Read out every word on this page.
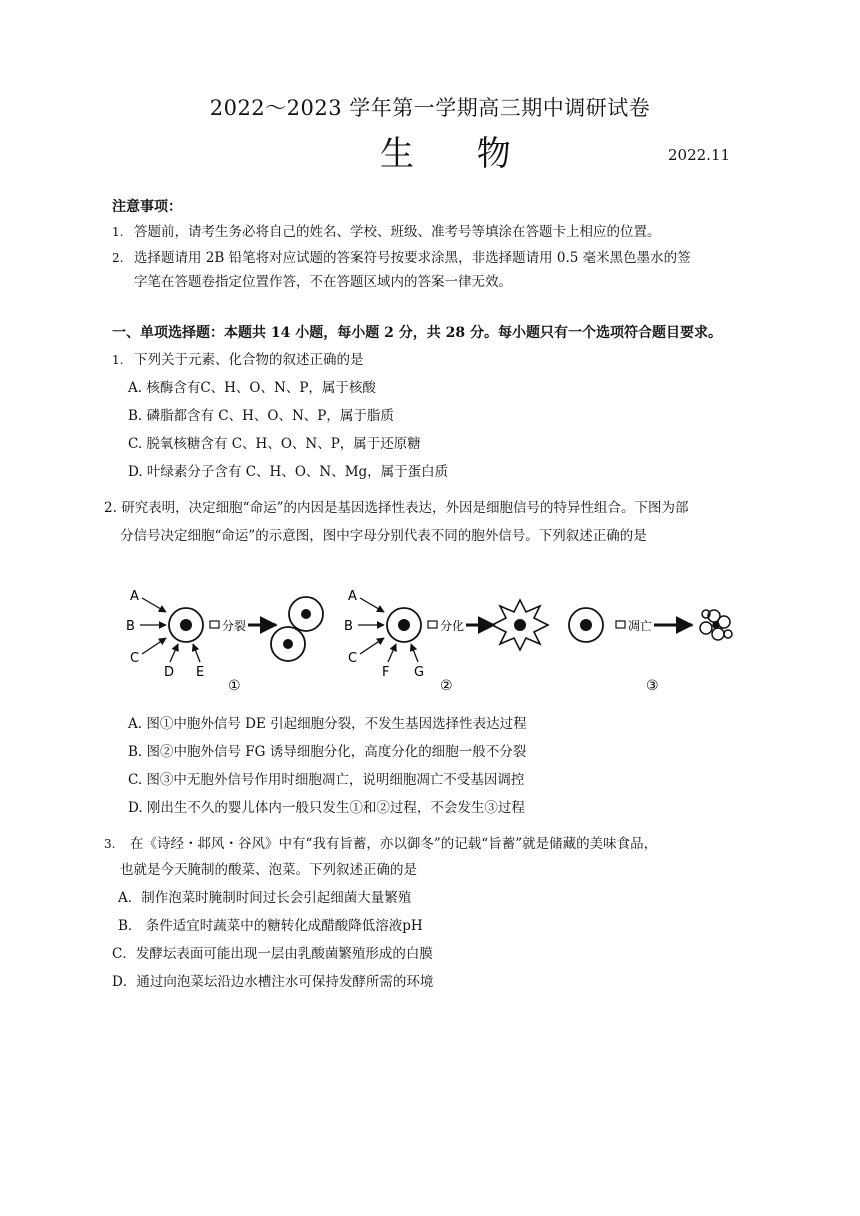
2022～2023 学年第一学期高三期中调研试卷
生 物	2022.11
注意事项：
1. 答题前，请考生务必将自己的姓名、学校、班级、准考号等填涂在答题卡上相应的位置。
2. 选择题请用 2B 铅笔将对应试题的答案符号按要求涂黑，非选择题请用 0.5 毫米黑色墨水的签
字笔在答题卷指定位置作答，不在答题区域内的答案一律无效。
一、单项选择题：本题共 14 小题，每小题 2 分，共 28 分。每小题只有一个选项符合题目要求。
1. 下列关于元素、化合物的叙述正确的是
A. 核酶含有C、H、O、N、P，属于核酸
B. 磷脂都含有 C、H、O、N、P，属于脂质
C. 脱氧核糖含有 C、H、O、N、P，属于还原糖
D. 叶绿素分子含有 C、H、O、N、Mg，属于蛋白质
2. 研究表明，决定细胞“命运”的内因是基因选择性表达，外因是细胞信号的特异性组合。下图为部
分信号决定细胞“命运”的示意图，图中字母分别代表不同的胞外信号。下列叙述正确的是
A
B
C
D E
分裂
①
A
B
C
F G
分化
②
凋亡
③
A. 图①中胞外信号 DE 引起细胞分裂，不发生基因选择性表达过程
B. 图②中胞外信号 FG 诱导细胞分化，高度分化的细胞一般不分裂
C. 图③中无胞外信号作用时细胞凋亡，说明细胞凋亡不受基因调控
D. 刚出生不久的婴儿体内一般只发生①和②过程，不会发生③过程
3. 在《诗经・邶风・谷风》中有“我有旨蓄，亦以御冬”的记载“旨蓄”就是储藏的美味食品，
也就是今天腌制的酸菜、泡菜。下列叙述正确的是
A．制作泡菜时腌制时间过长会引起细菌大量繁殖
B． 条件适宜时蔬菜中的糖转化成醋酸降低溶液pH
C．发酵坛表面可能出现一层由乳酸菌繁殖形成的白膜
D．通过向泡菜坛沿边水槽注水可保持发酵所需的环境
